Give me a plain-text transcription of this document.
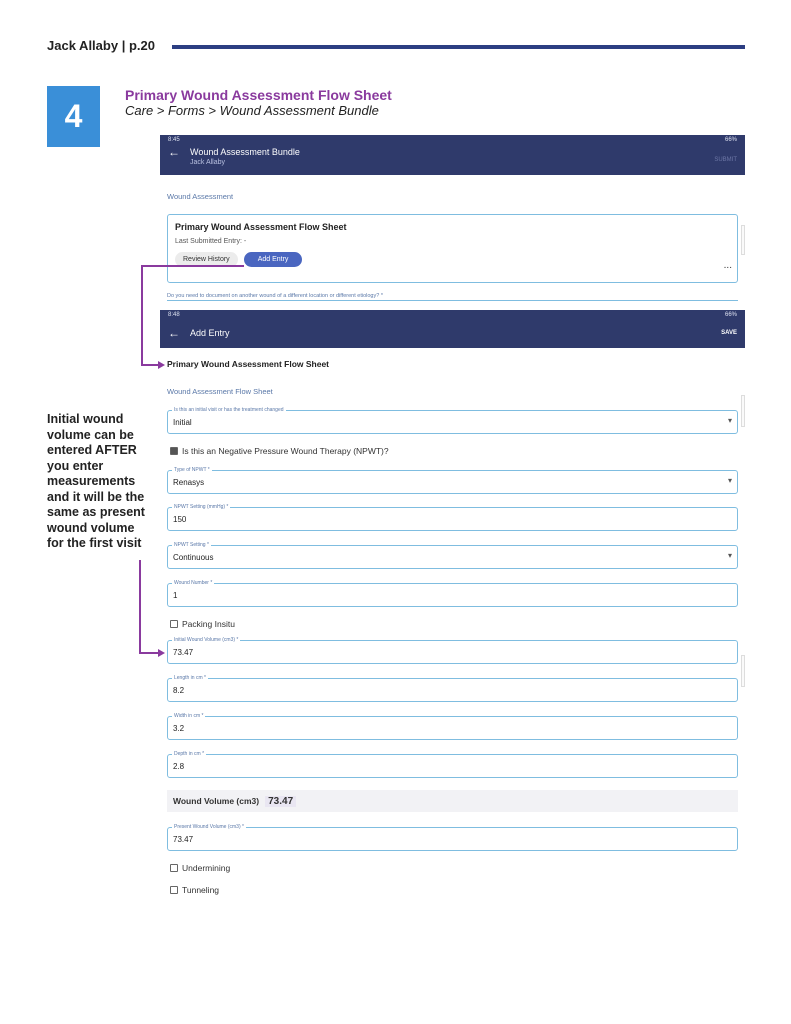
Jack Allaby | p.20
4
Primary Wound Assessment Flow Sheet
Care > Forms > Wound Assessment Bundle
Initial wound volume can be entered AFTER you enter measurements and it will be the same as present wound volume for the first visit
8:45	66%
←	Wound Assessment Bundle
Jack Allaby	SUBMIT
Wound Assessment
Primary Wound Assessment Flow Sheet
Last Submitted Entry: -
Review History	Add Entry
...
Do you need to document on another wound of a different location or different etiology? *
8:48	66%
←	Add Entry	SAVE
Primary Wound Assessment Flow Sheet
Wound Assessment Flow Sheet
Is this an initial visit or has the treatment changed
Initial
▾
Is this an Negative Pressure Wound Therapy (NPWT)?
Type of NPWT *
Renasys
▾
NPWT Setting (mmHg) *
150
NPWT Setting *
Continuous
▾
Wound Number *
1
Packing Insitu
Initial Wound Volume (cm3) *
73.47
Length in cm *
8.2
Width in cm *
3.2
Depth in cm *
2.8
Wound Volume (cm3) 73.47
Present Wound Volume (cm3) *
73.47
Undermining
Tunneling
